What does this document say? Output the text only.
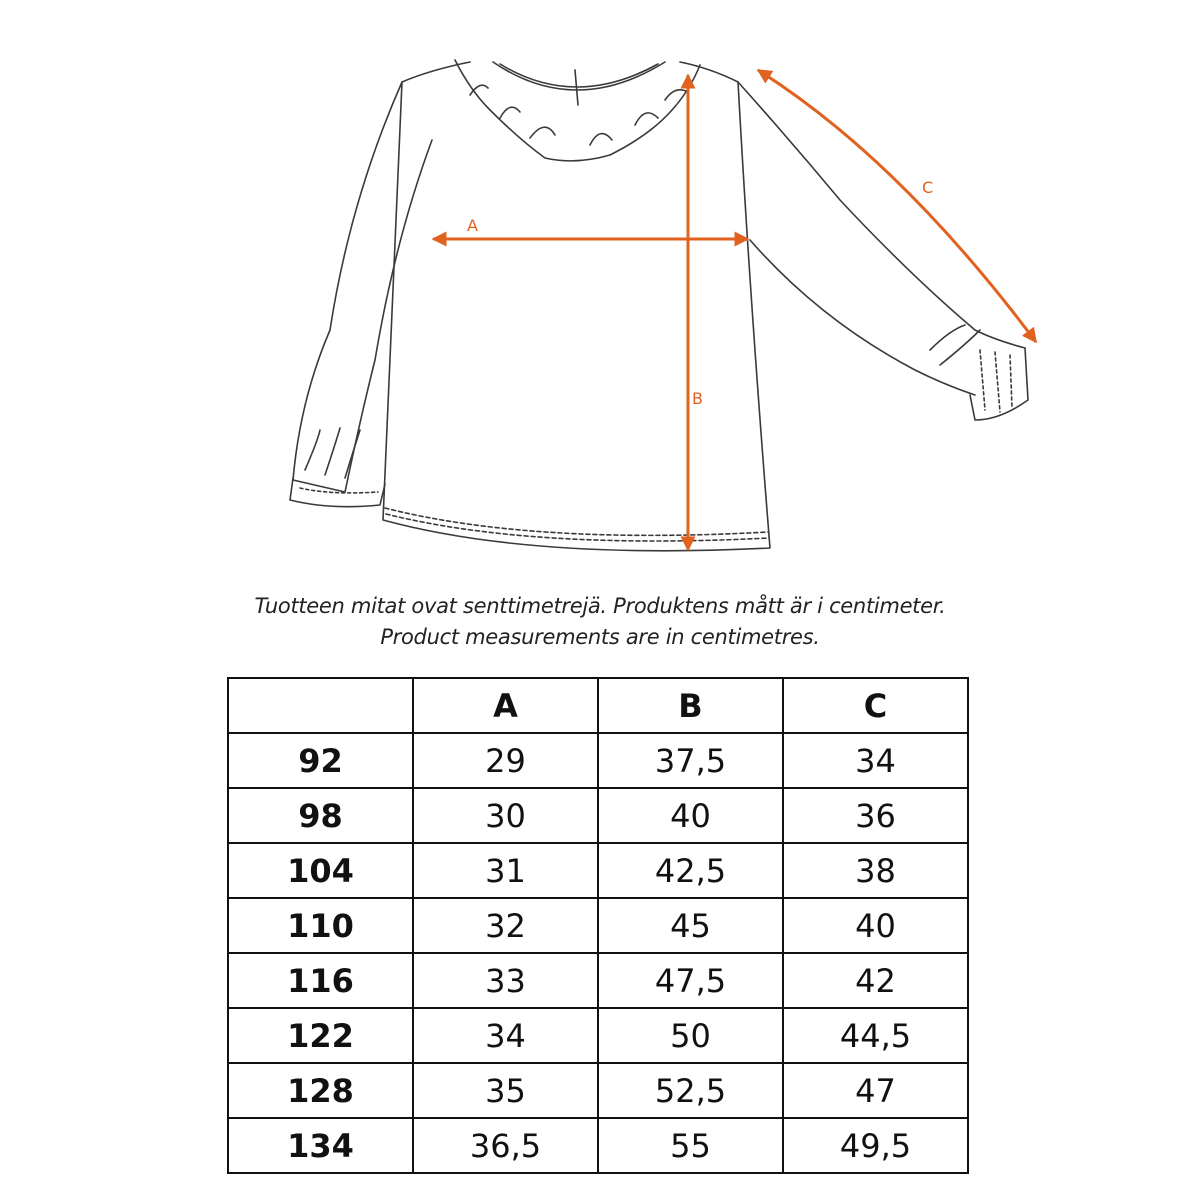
A
B
C
Tuotteen mitat ovat senttimetrejä. Produktens mått är i centimeter.
Product measurements are in centimetres.
	A	B	C
92	29	37,5	34
98	30	40	36
104	31	42,5	38
110	32	45	40
116	33	47,5	42
122	34	50	44,5
128	35	52,5	47
134	36,5	55	49,5
